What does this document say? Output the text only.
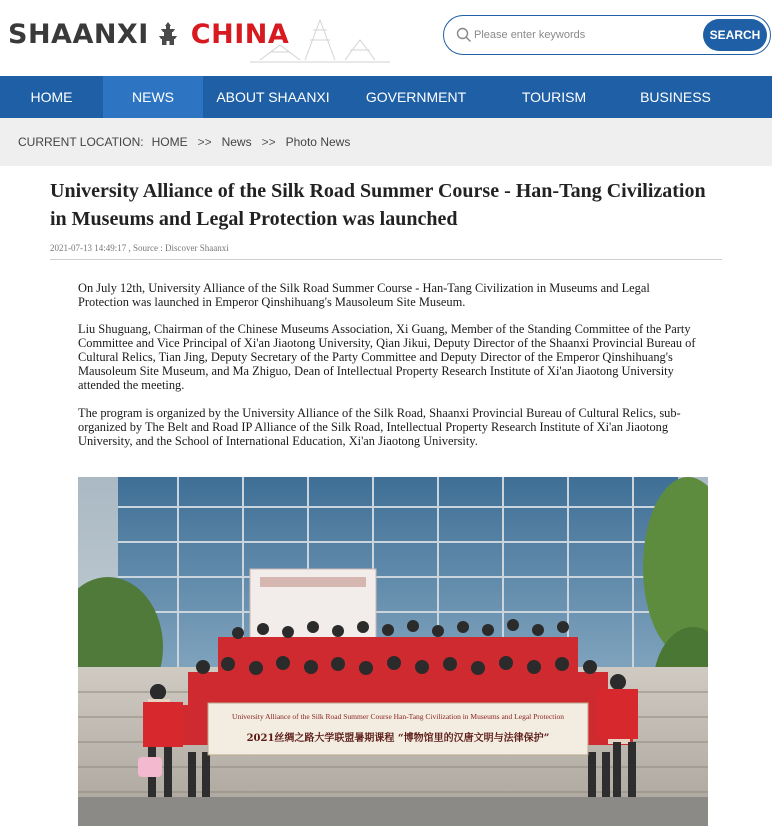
SHAANXI CHINA
Please enter keywords	SEARCH
HOME	NEWS	ABOUT SHAANXI	GOVERNMENT	TOURISM	BUSINESS
CURRENT LOCATION: HOME >> News >> Photo News
University Alliance of the Silk Road Summer Course - Han-Tang Civilization in Museums and Legal Protection was launched
2021-07-13 14:49:17 , Source : Discover Shaanxi

On July 12th, University Alliance of the Silk Road Summer Course - Han-Tang Civilization in Museums and Legal Protection was launched in Emperor Qinshihuang's Mausoleum Site Museum.

Liu Shuguang, Chairman of the Chinese Museums Association, Xi Guang, Member of the Standing Committee of the Party Committee and Vice Principal of Xi'an Jiaotong University, Qian Jikui, Deputy Director of the Shaanxi Provincial Bureau of Cultural Relics, Tian Jing, Deputy Secretary of the Party Committee and Deputy Director of the Emperor Qinshihuang's Mausoleum Site Museum, and Ma Zhiguo, Dean of Intellectual Property Research Institute of Xi'an Jiaotong University attended the meeting.

The program is organized by the University Alliance of the Silk Road, Shaanxi Provincial Bureau of Cultural Relics, sub-organized by The Belt and Road IP Alliance of the Silk Road, Intellectual Property Research Institute of Xi'an Jiaotong University, and the School of International Education, Xi'an Jiaotong University.

University Alliance of the Silk Road Summer Course Han-Tang Civilization in Museums and Legal Protection
2021丝绸之路大学联盟暑期课程 “博物馆里的汉唐文明与法律保护”
